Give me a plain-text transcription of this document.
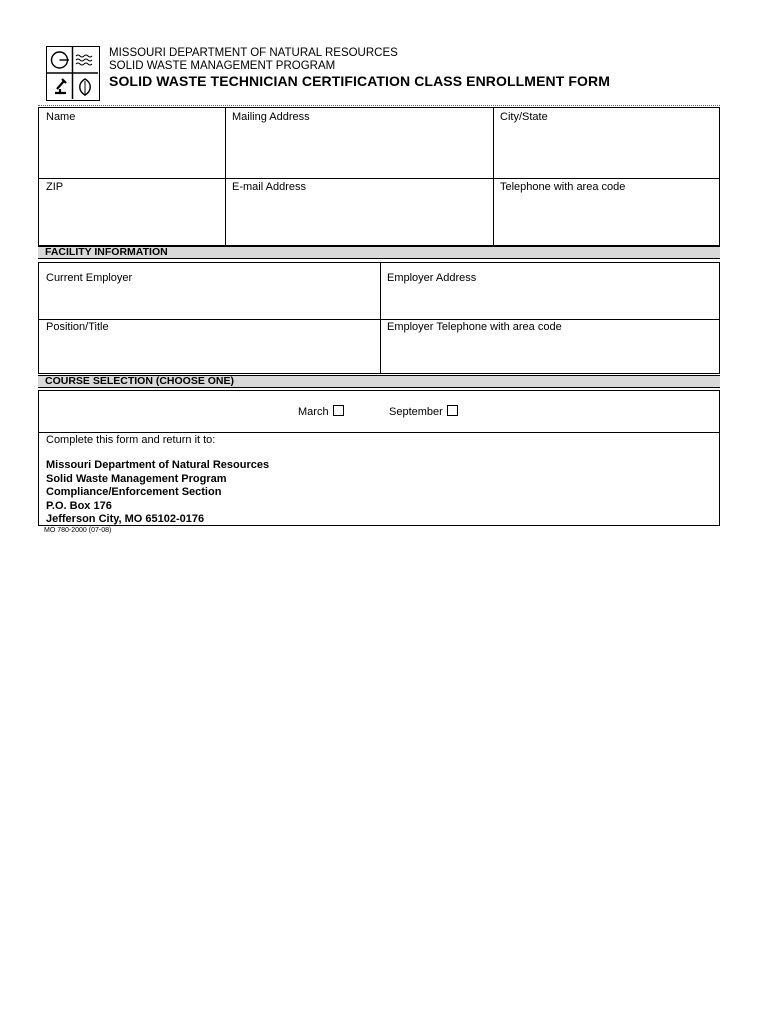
MISSOURI DEPARTMENT OF NATURAL RESOURCES
SOLID WASTE MANAGEMENT PROGRAM
SOLID WASTE TECHNICIAN CERTIFICATION CLASS ENROLLMENT FORM
Name	Mailing Address	City/State
ZIP	E-mail Address	Telephone with area code
FACILITY INFORMATION
Current Employer	Employer Address
Position/Title	Employer Telephone with area code
COURSE SELECTION (CHOOSE ONE)
March	September
Complete this form and return it to:
Missouri Department of Natural Resources
Solid Waste Management Program
Compliance/Enforcement Section
P.O. Box 176
Jefferson City, MO 65102-0176
MO 780-2000 (07-08)
